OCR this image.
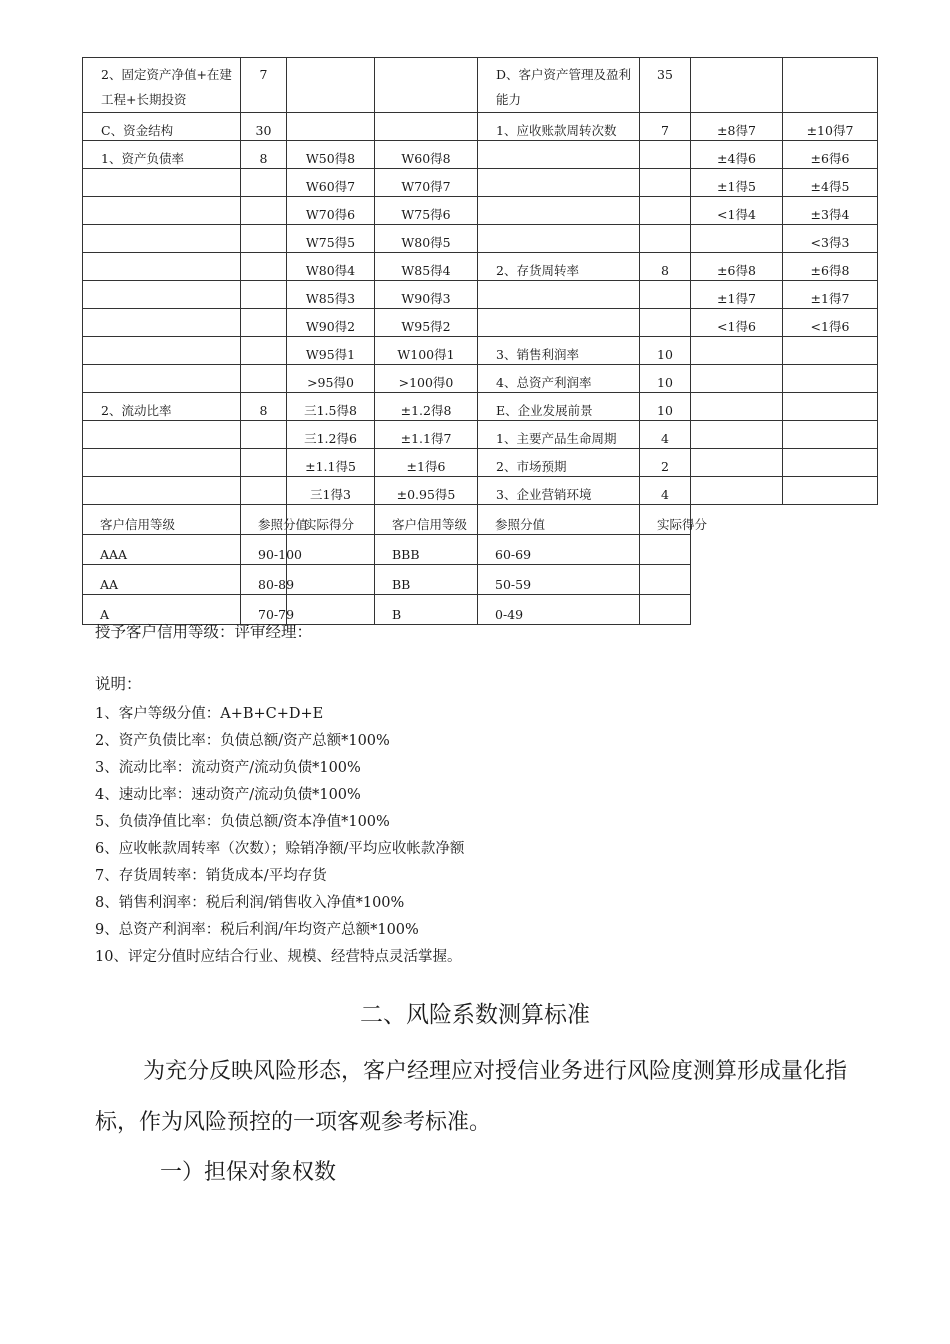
2、固定资产净值+在建工程+长期投资	7			D、客户资产管理及盈利能力	35		
C、资金结构	30			1、应收账款周转次数	7	±8得7	±10得7
1、资产负债率	8	W50得8	W60得8			±4得6	±6得6
		W60得7	W70得7			±1得5	±4得5
		W70得6	W75得6			<1得4	±3得4
		W75得5	W80得5				<3得3
		W80得4	W85得4	2、存货周转率	8	±6得8	±6得8
		W85得3	W90得3			±1得7	±1得7
		W90得2	W95得2			<1得6	<1得6
		W95得1	W100得1	3、销售利润率	10		
		>95得0	>100得0	4、总资产利润率	10		
2、流动比率	8	三1.5得8	±1.2得8	E、企业发展前景	10		
		三1.2得6	±1.1得7	1、主要产品生命周期	4		
		±1.1得5	±1得6	2、市场预期	2		
		三1得3	±0.95得5	3、企业营销环境	4		
客户信用等级	参照分值	实际得分	客户信用等级	参照分值	实际得分		
AAA	90-100		BBB	60-69			
AA	80-89		BB	50-59			
A	70-79		B	0-49			
授予客户信用等级：评审经理：
说明：
1、客户等级分值：A+B+C+D+E
2、资产负债比率：负债总额/资产总额*100%
3、流动比率：流动资产/流动负债*100%
4、速动比率：速动资产/流动负债*100%
5、负债净值比率：负债总额/资本净值*100%
6、应收帐款周转率（次数）；赊销净额/平均应收帐款净额
7、存货周转率：销货成本/平均存货
8、销售利润率：税后利润/销售收入净值*100%
9、总资产利润率：税后利润/年均资产总额*100%
10、评定分值时应结合行业、规模、经营特点灵活掌握。
二、风险系数测算标准

为充分反映风险形态，客户经理应对授信业务进行风险度测算形成量化指标，作为风险预控的一项客观参考标准。

一）担保对象权数
